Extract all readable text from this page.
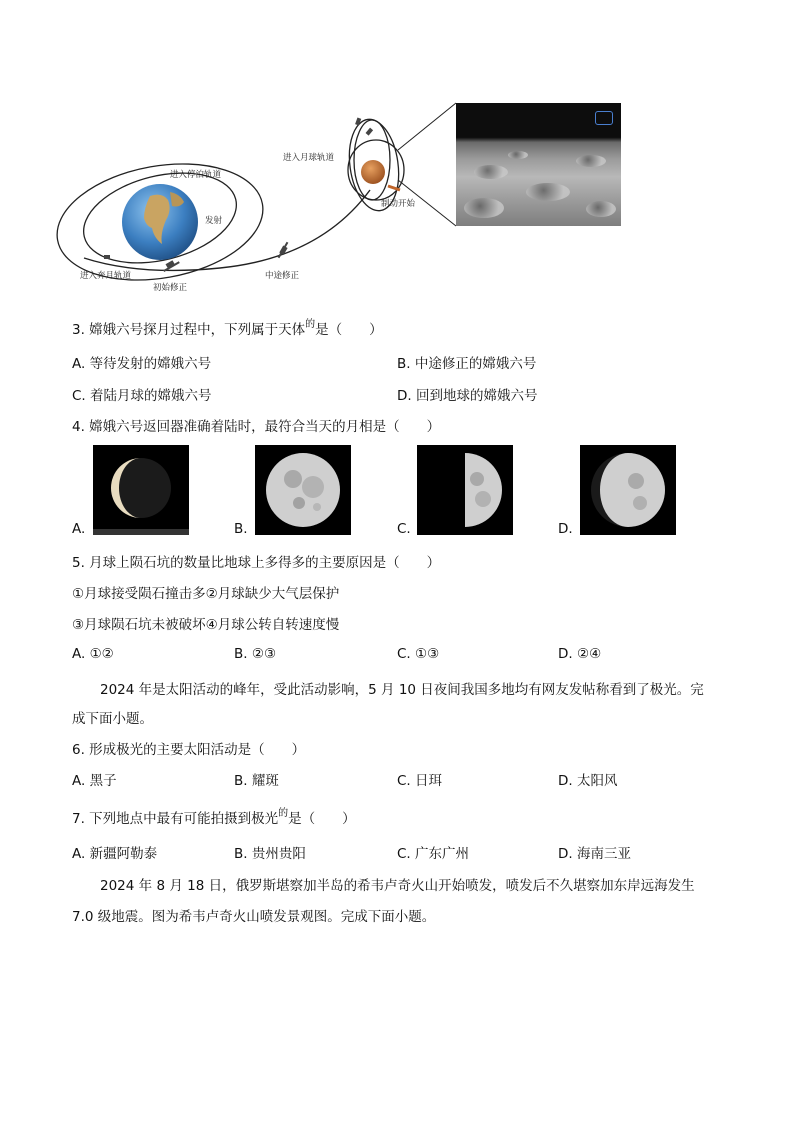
进入停泊轨道
发射
进入奔月轨道
初始修正
中途修正
进入月球轨道
制动开始
3. 嫦娥六号探月过程中，下列属于天体$^的$是（　　）
A. 等待发射的嫦娥六号	B. 中途修正的嫦娥六号
C. 着陆月球的嫦娥六号	D. 回到地球的嫦娥六号
4. 嫦娥六号返回器准确着陆时，最符合当天的月相是（　　）
A.	B.	C.	D.
5. 月球上陨石坑的数量比地球上多得多的主要原因是（　　）
①月球接受陨石撞击多②月球缺少大气层保护
③月球陨石坑未被破坏④月球公转自转速度慢
A. ①②	B. ②③	C. ①③	D. ②④
2024 年是太阳活动的峰年，受此活动影响，5 月 10 日夜间我国多地均有网友发帖称看到了极光。完
成下面小题。
6. 形成极光的主要太阳活动是（　　）
A. 黑子	B. 耀斑	C. 日珥	D. 太阳风
7. 下列地点中最有可能拍摄到极光$^的$是（　　）
A. 新疆阿勒泰	B. 贵州贵阳	C. 广东广州	D. 海南三亚
2024 年 8 月 18 日，俄罗斯堪察加半岛的希韦卢奇火山开始喷发，喷发后不久堪察加东岸远海发生
7.0 级地震。图为希韦卢奇火山喷发景观图。完成下面小题。
